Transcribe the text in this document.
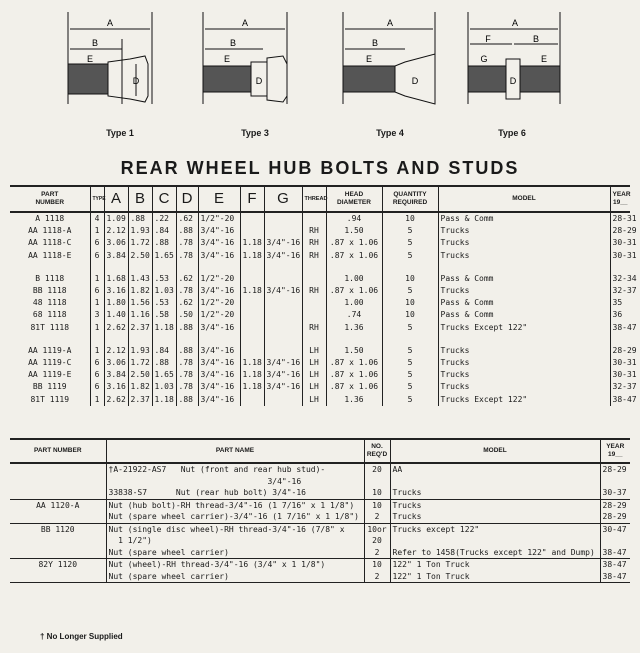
A
B
E
D
Type 1
A
B
E
D
Type 3
A
B
E
D
Type 4
A
F	B
G	E
D
Type 6
REAR WHEEL HUB BOLTS AND STUDS
PART
NUMBER	TYPE	A	B	C	D	E	F	G	THREAD	HEAD
DIAMETER	QUANTITY
REQUIRED	MODEL	YEAR
19__
A 1118	4	1.09	.88	.22	.62	1/2"-20				.94	10	Pass & Comm	28-31
AA 1118-A	1	2.12	1.93	.84	.88	3/4"-16			RH	1.50	5	Trucks	28-29
AA 1118-C	6	3.06	1.72	.88	.78	3/4"-16	1.18	3/4"-16	RH	.87 x 1.06	5	Trucks	30-31
AA 1118-E	6	3.84	2.50	1.65	.78	3/4"-16	1.18	3/4"-16	RH	.87 x 1.06	5	Trucks	30-31

B 1118	1	1.68	1.43	.53	.62	1/2"-20				1.00	10	Pass & Comm	32-34
BB 1118	6	3.16	1.82	1.03	.78	3/4"-16	1.18	3/4"-16	RH	.87 x 1.06	5	Trucks	32-37
48 1118	1	1.80	1.56	.53	.62	1/2"-20				1.00	10	Pass & Comm	35
68 1118	3	1.40	1.16	.58	.50	1/2"-20				.74	10	Pass & Comm	36
81T 1118	1	2.62	2.37	1.18	.88	3/4"-16			RH	1.36	5	Trucks Except 122"	38-47

AA 1119-A	1	2.12	1.93	.84	.88	3/4"-16			LH	1.50	5	Trucks	28-29
AA 1119-C	6	3.06	1.72	.88	.78	3/4"-16	1.18	3/4"-16	LH	.87 x 1.06	5	Trucks	30-31
AA 1119-E	6	3.84	2.50	1.65	.78	3/4"-16	1.18	3/4"-16	LH	.87 x 1.06	5	Trucks	30-31
BB 1119	6	3.16	1.82	1.03	.78	3/4"-16	1.18	3/4"-16	LH	.87 x 1.06	5	Trucks	32-37
81T 1119	1	2.62	2.37	1.18	.88	3/4"-16			LH	1.36	5	Trucks Except 122"	38-47
PART NUMBER	PART NAME	NO.
REQ'D	MODEL	YEAR
19__
	†A-21922-AS7   Nut (front and rear hub stud)-	20	AA	28-29
	3/4"-16			
	33838-S7      Nut (rear hub bolt) 3/4"-16	10	Trucks	30-37
AA 1120-A	Nut (hub bolt)-RH thread-3/4"-16 (1 7/16" x 1 1/8")	10	Trucks	28-29
	Nut (spare wheel carrier)-3/4"-16 (1 7/16" x 1 1/8")	2	Trucks	28-29
BB 1120	Nut (single disc wheel)-RH thread-3/4"-16 (7/8" x	10or	Trucks except 122"	30-47
	1 1/2")	20		
	Nut (spare wheel carrier)	2	Refer to 1458(Trucks except 122" and Dump)	38-47
82Y 1120	Nut (wheel)-RH thread-3/4"-16 (3/4" x 1 1/8")	10	122" 1 Ton Truck	38-47
	Nut (spare wheel carrier)	2	122" 1 Ton Truck	38-47
† No Longer Supplied
